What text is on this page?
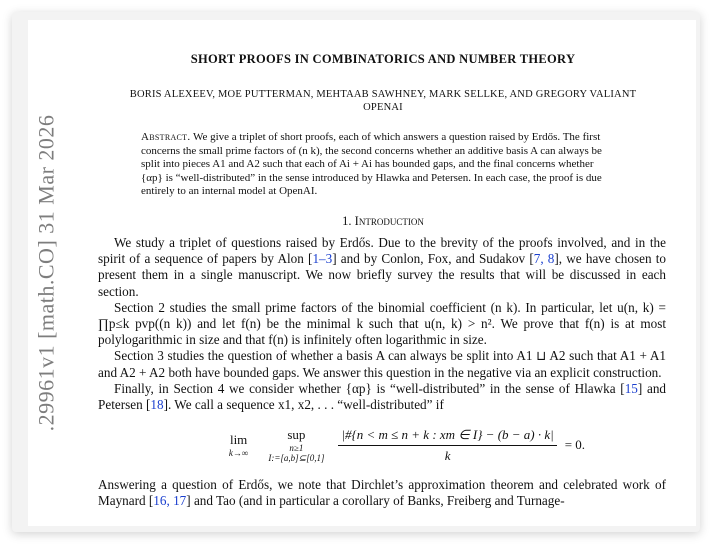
.29961v1 [math.CO] 31 Mar 2026
SHORT PROOFS IN COMBINATORICS AND NUMBER THEORY
BORIS ALEXEEV, MOE PUTTERMAN, MEHTAAB SAWHNEY, MARK SELLKE, AND GREGORY VALIANT
OPENAI
Abstract. We give a triplet of short proofs, each of which answers a question raised by Erdős. The first concerns the small prime factors of (n k), the second concerns whether an additive basis A can always be split into pieces A1 and A2 such that each of Ai + Ai has bounded gaps, and the final concerns whether {αp} is “well-distributed” in the sense introduced by Hlawka and Petersen. In each case, the proof is due entirely to an internal model at OpenAI.
1. Introduction

We study a triplet of questions raised by Erdős. Due to the brevity of the proofs involved, and in the spirit of a sequence of papers by Alon [1–3] and by Conlon, Fox, and Sudakov [7, 8], we have chosen to present them in a single manuscript. We now briefly survey the results that will be discussed in each section.

Section 2 studies the small prime factors of the binomial coefficient (n k). In particular, let u(n, k) = ∏p≤k pvp((n k)) and let f(n) be the minimal k such that u(n, k) > n². We prove that f(n) is at most polylogarithmic in size and that f(n) is infinitely often logarithmic in size.

Section 3 studies the question of whether a basis A can always be split into A1 ⊔ A2 such that A1 + A1 and A2 + A2 both have bounded gaps. We answer this question in the negative via an explicit construction.

Finally, in Section 4 we consider whether {αp} is “well-distributed” in the sense of Hlawka [15] and Petersen [18]. We call a sequence x1, x2, . . . “well-distributed” if

lim
k→∞
sup
n≥1
I:=[a,b]⊆[0,1] $\frac{|\#\{n < m \le n + k : xm \in I\} - (b - a) \cdot k|}{k} = 0$.

Answering a question of Erdős, we note that Dirchlet’s approximation theorem and celebrated work of Maynard [16, 17] and Tao (and in particular a corollary of Banks, Freiberg and Turnage-
